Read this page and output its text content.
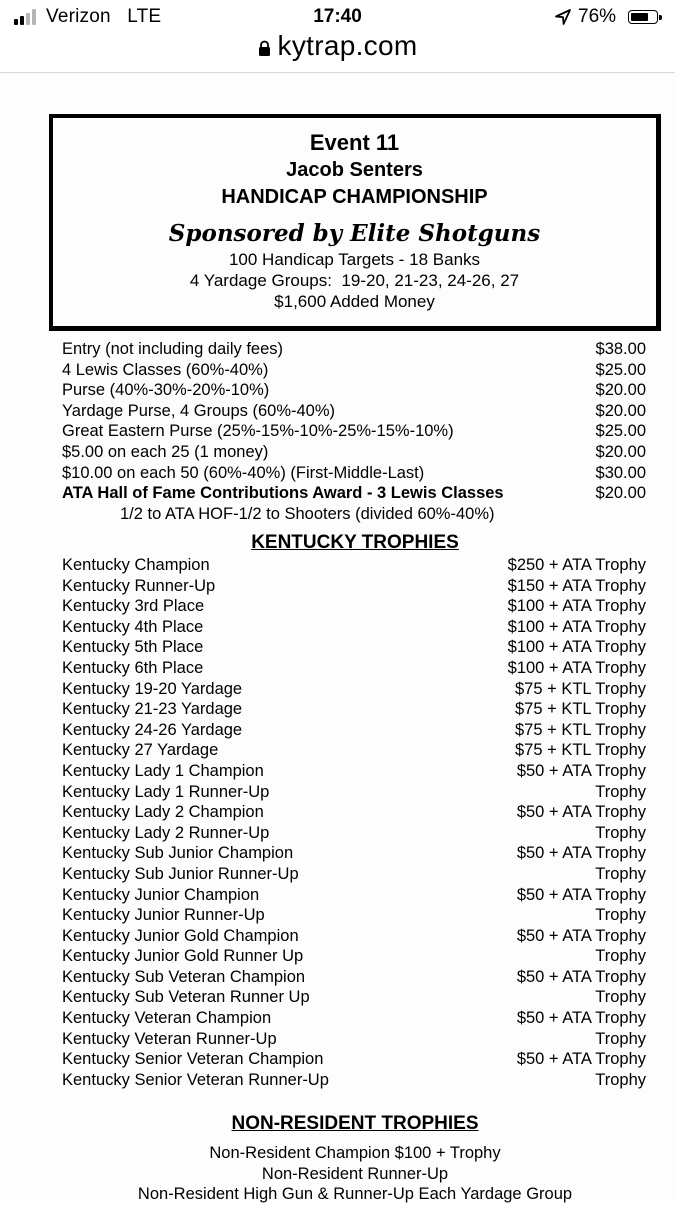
Verizon LTE	17:40	76%
kytrap.com
Event 11
Jacob Senters
HANDICAP CHAMPIONSHIP
Sponsored by Elite Shotguns
100 Handicap Targets - 18 Banks
4 Yardage Groups:  19-20, 21-23, 24-26, 27
$1,600 Added Money
Entry (not including daily fees)	$38.00
4 Lewis Classes (60%-40%)	$25.00
Purse (40%-30%-20%-10%)	$20.00
Yardage Purse, 4 Groups (60%-40%)	$20.00
Great Eastern Purse (25%-15%-10%-25%-15%-10%)	$25.00
$5.00 on each 25 (1 money)	$20.00
$10.00 on each 50 (60%-40%) (First-Middle-Last)	$30.00
ATA Hall of Fame Contributions Award - 3 Lewis Classes	$20.00
1/2 to ATA HOF-1/2 to Shooters (divided 60%-40%)
KENTUCKY TROPHIES
Kentucky Champion	$250 + ATA Trophy
Kentucky Runner-Up	$150 + ATA Trophy
Kentucky 3rd Place	$100 + ATA Trophy
Kentucky 4th Place	$100 + ATA Trophy
Kentucky 5th Place	$100 + ATA Trophy
Kentucky 6th Place	$100 + ATA Trophy
Kentucky 19-20 Yardage	$75 + KTL Trophy
Kentucky 21-23 Yardage	$75 + KTL Trophy
Kentucky 24-26 Yardage	$75 + KTL Trophy
Kentucky 27 Yardage	$75 + KTL Trophy
Kentucky Lady 1 Champion	$50 + ATA Trophy
Kentucky Lady 1 Runner-Up	Trophy
Kentucky Lady 2 Champion	$50 + ATA Trophy
Kentucky Lady 2 Runner-Up	Trophy
Kentucky Sub Junior Champion	$50 + ATA Trophy
Kentucky Sub Junior Runner-Up	Trophy
Kentucky Junior Champion	$50 + ATA Trophy
Kentucky Junior Runner-Up	Trophy
Kentucky Junior Gold Champion	$50 + ATA Trophy
Kentucky Junior Gold Runner Up	Trophy
Kentucky Sub Veteran Champion	$50 + ATA Trophy
Kentucky Sub Veteran Runner Up	Trophy
Kentucky Veteran Champion	$50 + ATA Trophy
Kentucky Veteran Runner-Up	Trophy
Kentucky Senior Veteran Champion	$50 + ATA Trophy
Kentucky Senior Veteran Runner-Up	Trophy
NON-RESIDENT TROPHIES
Non-Resident Champion $100 + Trophy
Non-Resident Runner-Up
Non-Resident High Gun & Runner-Up Each Yardage Group
